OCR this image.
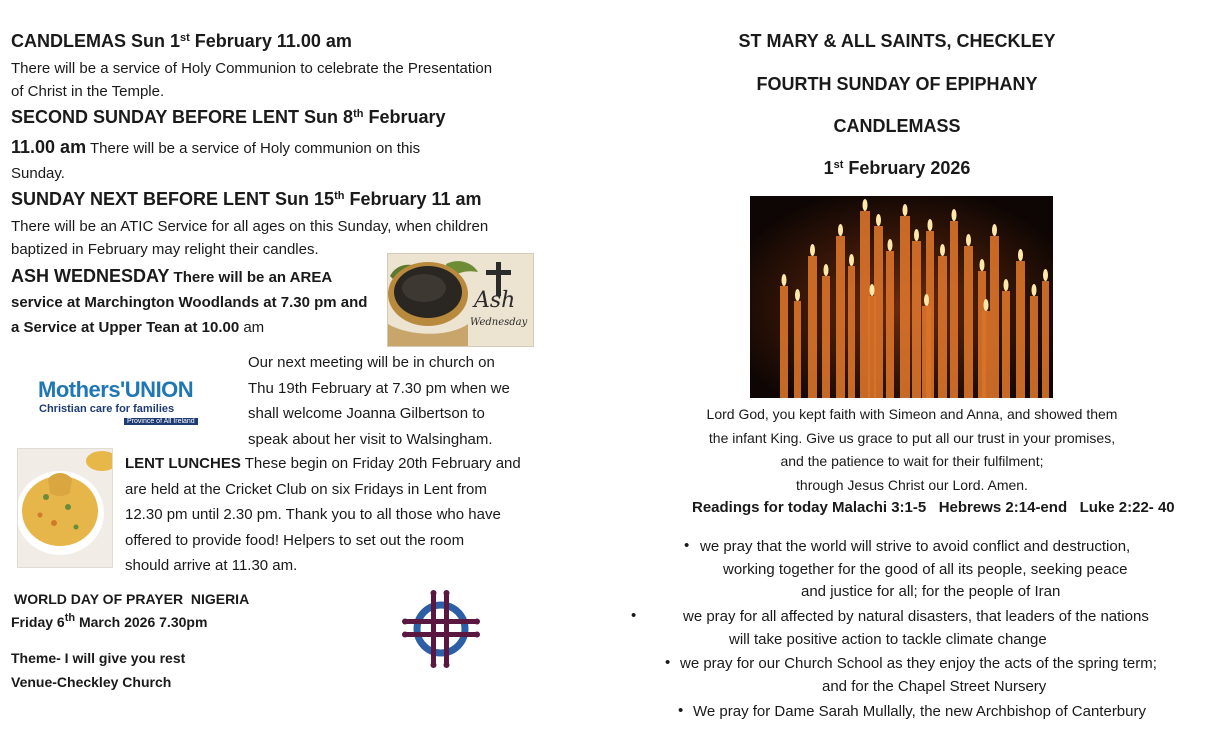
CANDLEMAS Sun 1st February 11.00 am
There will be a service of Holy Communion to celebrate the Presentation
of Christ in the Temple.
SECOND SUNDAY BEFORE LENT Sun 8th February
11.00 am There will be a service of Holy communion on this
Sunday.
SUNDAY NEXT BEFORE LENT Sun 15th February 11 am
There will be an ATIC Service for all ages on this Sunday, when children
baptized in February may relight their candles.
ASH WEDNESDAY There will be an AREA
service at Marchington Woodlands at 7.30 pm and
a Service at Upper Tean at 10.00 am
Ash
Wednesday
Mothers'UNION
Christian care for families
Province of All Ireland
Our next meeting will be in church on
Thu 19th February at 7.30 pm when we
shall welcome Joanna Gilbertson to
speak about her visit to Walsingham.
LENT LUNCHES These begin on Friday 20th February and
are held at the Cricket Club on six Fridays in Lent from
12.30 pm until 2.30 pm. Thank you to all those who have
offered to provide food! Helpers to set out the room
should arrive at 11.30 am.
WORLD DAY OF PRAYER  NIGERIA
Friday 6th March 2026 7.30pm
Theme- I will give you rest
Venue-Checkley Church
ST MARY & ALL SAINTS, CHECKLEY
FOURTH SUNDAY OF EPIPHANY
CANDLEMASS
1st February 2026
Lord God, you kept faith with Simeon and Anna, and showed them
the infant King. Give us grace to put all our trust in your promises,
and the patience to wait for their fulfilment;
through Jesus Christ our Lord. Amen.
Readings for today Malachi 3:1-5   Hebrews 2:14-end   Luke 2:22- 40
• we pray that the world will strive to avoid conflict and destruction,
working together for the good of all its people, seeking peace
and justice for all; for the people of Iran
•	we pray for all affected by natural disasters, that leaders of the nations
will take positive action to tackle climate change
• we pray for our Church School as they enjoy the acts of the spring term;
and for the Chapel Street Nursery
• We pray for Dame Sarah Mullally, the new Archbishop of Canterbury
